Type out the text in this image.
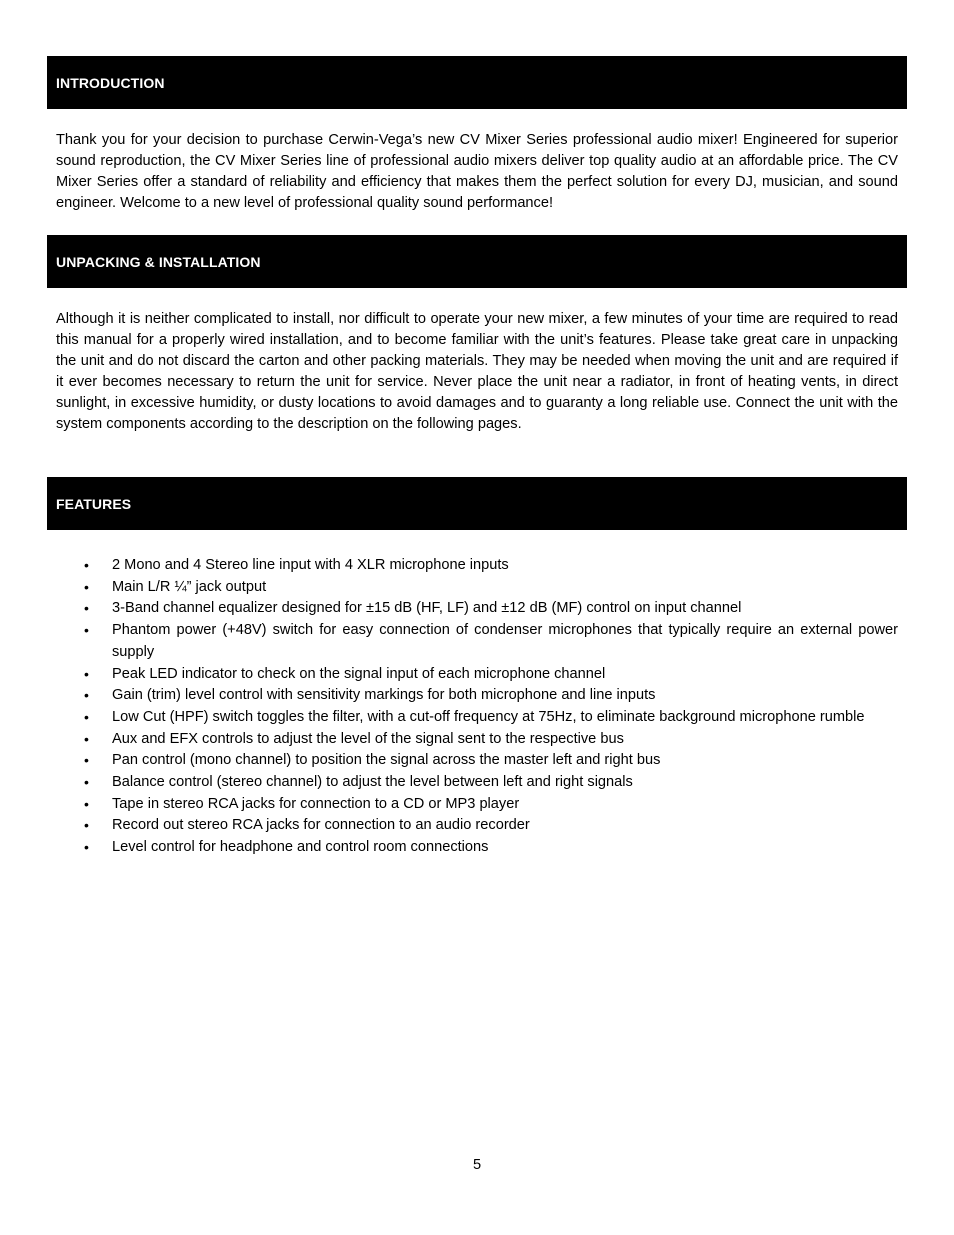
INTRODUCTION

Thank you for your decision to purchase Cerwin-Vega’s new CV Mixer Series professional audio mixer! Engineered for superior sound reproduction, the CV Mixer Series line of professional audio mixers deliver top quality audio at an affordable price. The CV Mixer Series offer a standard of reliability and efficiency that makes them the perfect solution for every DJ, musician, and sound engineer. Welcome to a new level of professional quality sound performance!

UNPACKING & INSTALLATION

Although it is neither complicated to install, nor difficult to operate your new mixer, a few minutes of your time are required to read this manual for a properly wired installation, and to become familiar with the unit’s features. Please take great care in unpacking the unit and do not discard the carton and other packing materials. They may be needed when moving the unit and are required if it ever becomes necessary to return the unit for service. Never place the unit near a radiator, in front of heating vents, in direct sunlight, in excessive humidity, or dusty locations to avoid damages and to guaranty a long reliable use. Connect the unit with the system components according to the description on the following pages.

FEATURES
• 2 Mono and 4 Stereo line input with 4 XLR microphone inputs
• Main L/R ¼” jack output
• 3-Band channel equalizer designed for ±15 dB (HF, LF) and ±12 dB (MF) control on input channel
• Phantom power (+48V) switch for easy connection of condenser microphones that typically require an external power supply
• Peak LED indicator to check on the signal input of each microphone channel
• Gain (trim) level control with sensitivity markings for both microphone and line inputs
• Low Cut (HPF) switch toggles the filter, with a cut-off frequency at 75Hz, to eliminate background microphone rumble
• Aux and EFX controls to adjust the level of the signal sent to the respective bus
• Pan control (mono channel) to position the signal across the master left and right bus
• Balance control (stereo channel) to adjust the level between left and right signals
• Tape in stereo RCA jacks for connection to a CD or MP3 player
• Record out stereo RCA jacks for connection to an audio recorder
• Level control for headphone and control room connections
5
